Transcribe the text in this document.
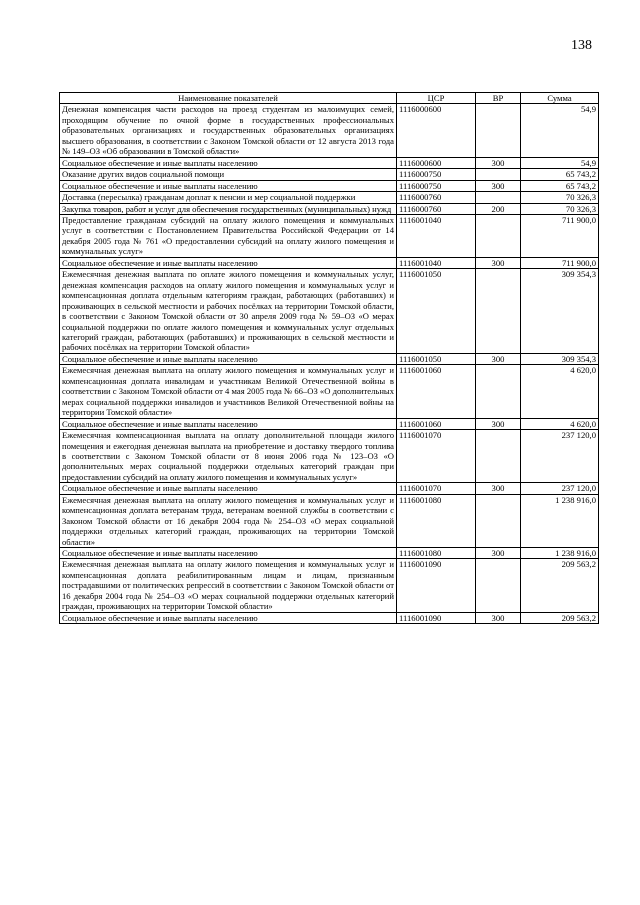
138
Наименование показателей	ЦСР	ВР	Сумма
Денежная компенсация части расходов на проезд студентам из малоимущих семей, проходящим обучение по очной форме в государственных профессиональных образовательных организациях и государственных образовательных организациях высшего образования, в соответствии с Законом Томской области от 12 августа 2013 года № 149–ОЗ «Об образовании в Томской области»	1116000600		54,9
Социальное обеспечение и иные выплаты населению	1116000600	300	54,9
Оказание других видов социальной помощи	1116000750		65 743,2
Социальное обеспечение и иные выплаты населению	1116000750	300	65 743,2
Доставка (пересылка) гражданам доплат к пенсии и мер социальной поддержки	1116000760		70 326,3
Закупка товаров, работ и услуг для обеспечения государственных (муниципальных) нужд	1116000760	200	70 326,3
Предоставление гражданам субсидий на оплату жилого помещения и коммунальных услуг в соответствии с Постановлением Правительства Российской Федерации от 14 декабря 2005 года № 761 «О предоставлении субсидий на оплату жилого помещения и коммунальных услуг»	1116001040		711 900,0
Социальное обеспечение и иные выплаты населению	1116001040	300	711 900,0
Ежемесячная денежная выплата по оплате жилого помещения и коммунальных услуг, денежная компенсация расходов на оплату жилого помещения и коммунальных услуг и компенсационная доплата отдельным категориям граждан, работающих (работавших) и проживающих в сельской местности и рабочих посёлках на территории Томской области, в соответствии с Законом Томской области от 30 апреля 2009 года № 59–ОЗ «О мерах социальной поддержки по оплате жилого помещения и коммунальных услуг отдельных категорий граждан, работающих (работавших) и проживающих в сельской местности и рабочих посёлках на территории Томской области»	1116001050		309 354,3
Социальное обеспечение и иные выплаты населению	1116001050	300	309 354,3
Ежемесячная денежная выплата на оплату жилого помещения и коммунальных услуг и компенсационная доплата инвалидам и участникам Великой Отечественной войны в соответствии с Законом Томской области от 4 мая 2005 года № 66–ОЗ «О дополнительных мерах социальной поддержки инвалидов и участников Великой Отечественной войны на территории Томской области»	1116001060		4 620,0
Социальное обеспечение и иные выплаты населению	1116001060	300	4 620,0
Ежемесячная компенсационная выплата на оплату дополнительной площади жилого помещения и ежегодная денежная выплата на приобретение и доставку твердого топлива в соответствии с Законом Томской области от 8 июня 2006 года № 123–ОЗ «О дополнительных мерах социальной поддержки отдельных категорий граждан при предоставлении субсидий на оплату жилого помещения и коммунальных услуг»	1116001070		237 120,0
Социальное обеспечение и иные выплаты населению	1116001070	300	237 120,0
Ежемесячная денежная выплата на оплату жилого помещения и коммунальных услуг и компенсационная доплата ветеранам труда, ветеранам военной службы в соответствии с Законом Томской области от 16 декабря 2004 года № 254–ОЗ «О мерах социальной поддержки отдельных категорий граждан, проживающих на территории Томской области»	1116001080		1 238 916,0
Социальное обеспечение и иные выплаты населению	1116001080	300	1 238 916,0
Ежемесячная денежная выплата на оплату жилого помещения и коммунальных услуг и компенсационная доплата реабилитированным лицам и лицам, признанным пострадавшими от политических репрессий в соответствии с Законом Томской области от 16 декабря 2004 года № 254–ОЗ «О мерах социальной поддержки отдельных категорий граждан, проживающих на территории Томской области»	1116001090		209 563,2
Социальное обеспечение и иные выплаты населению	1116001090	300	209 563,2
